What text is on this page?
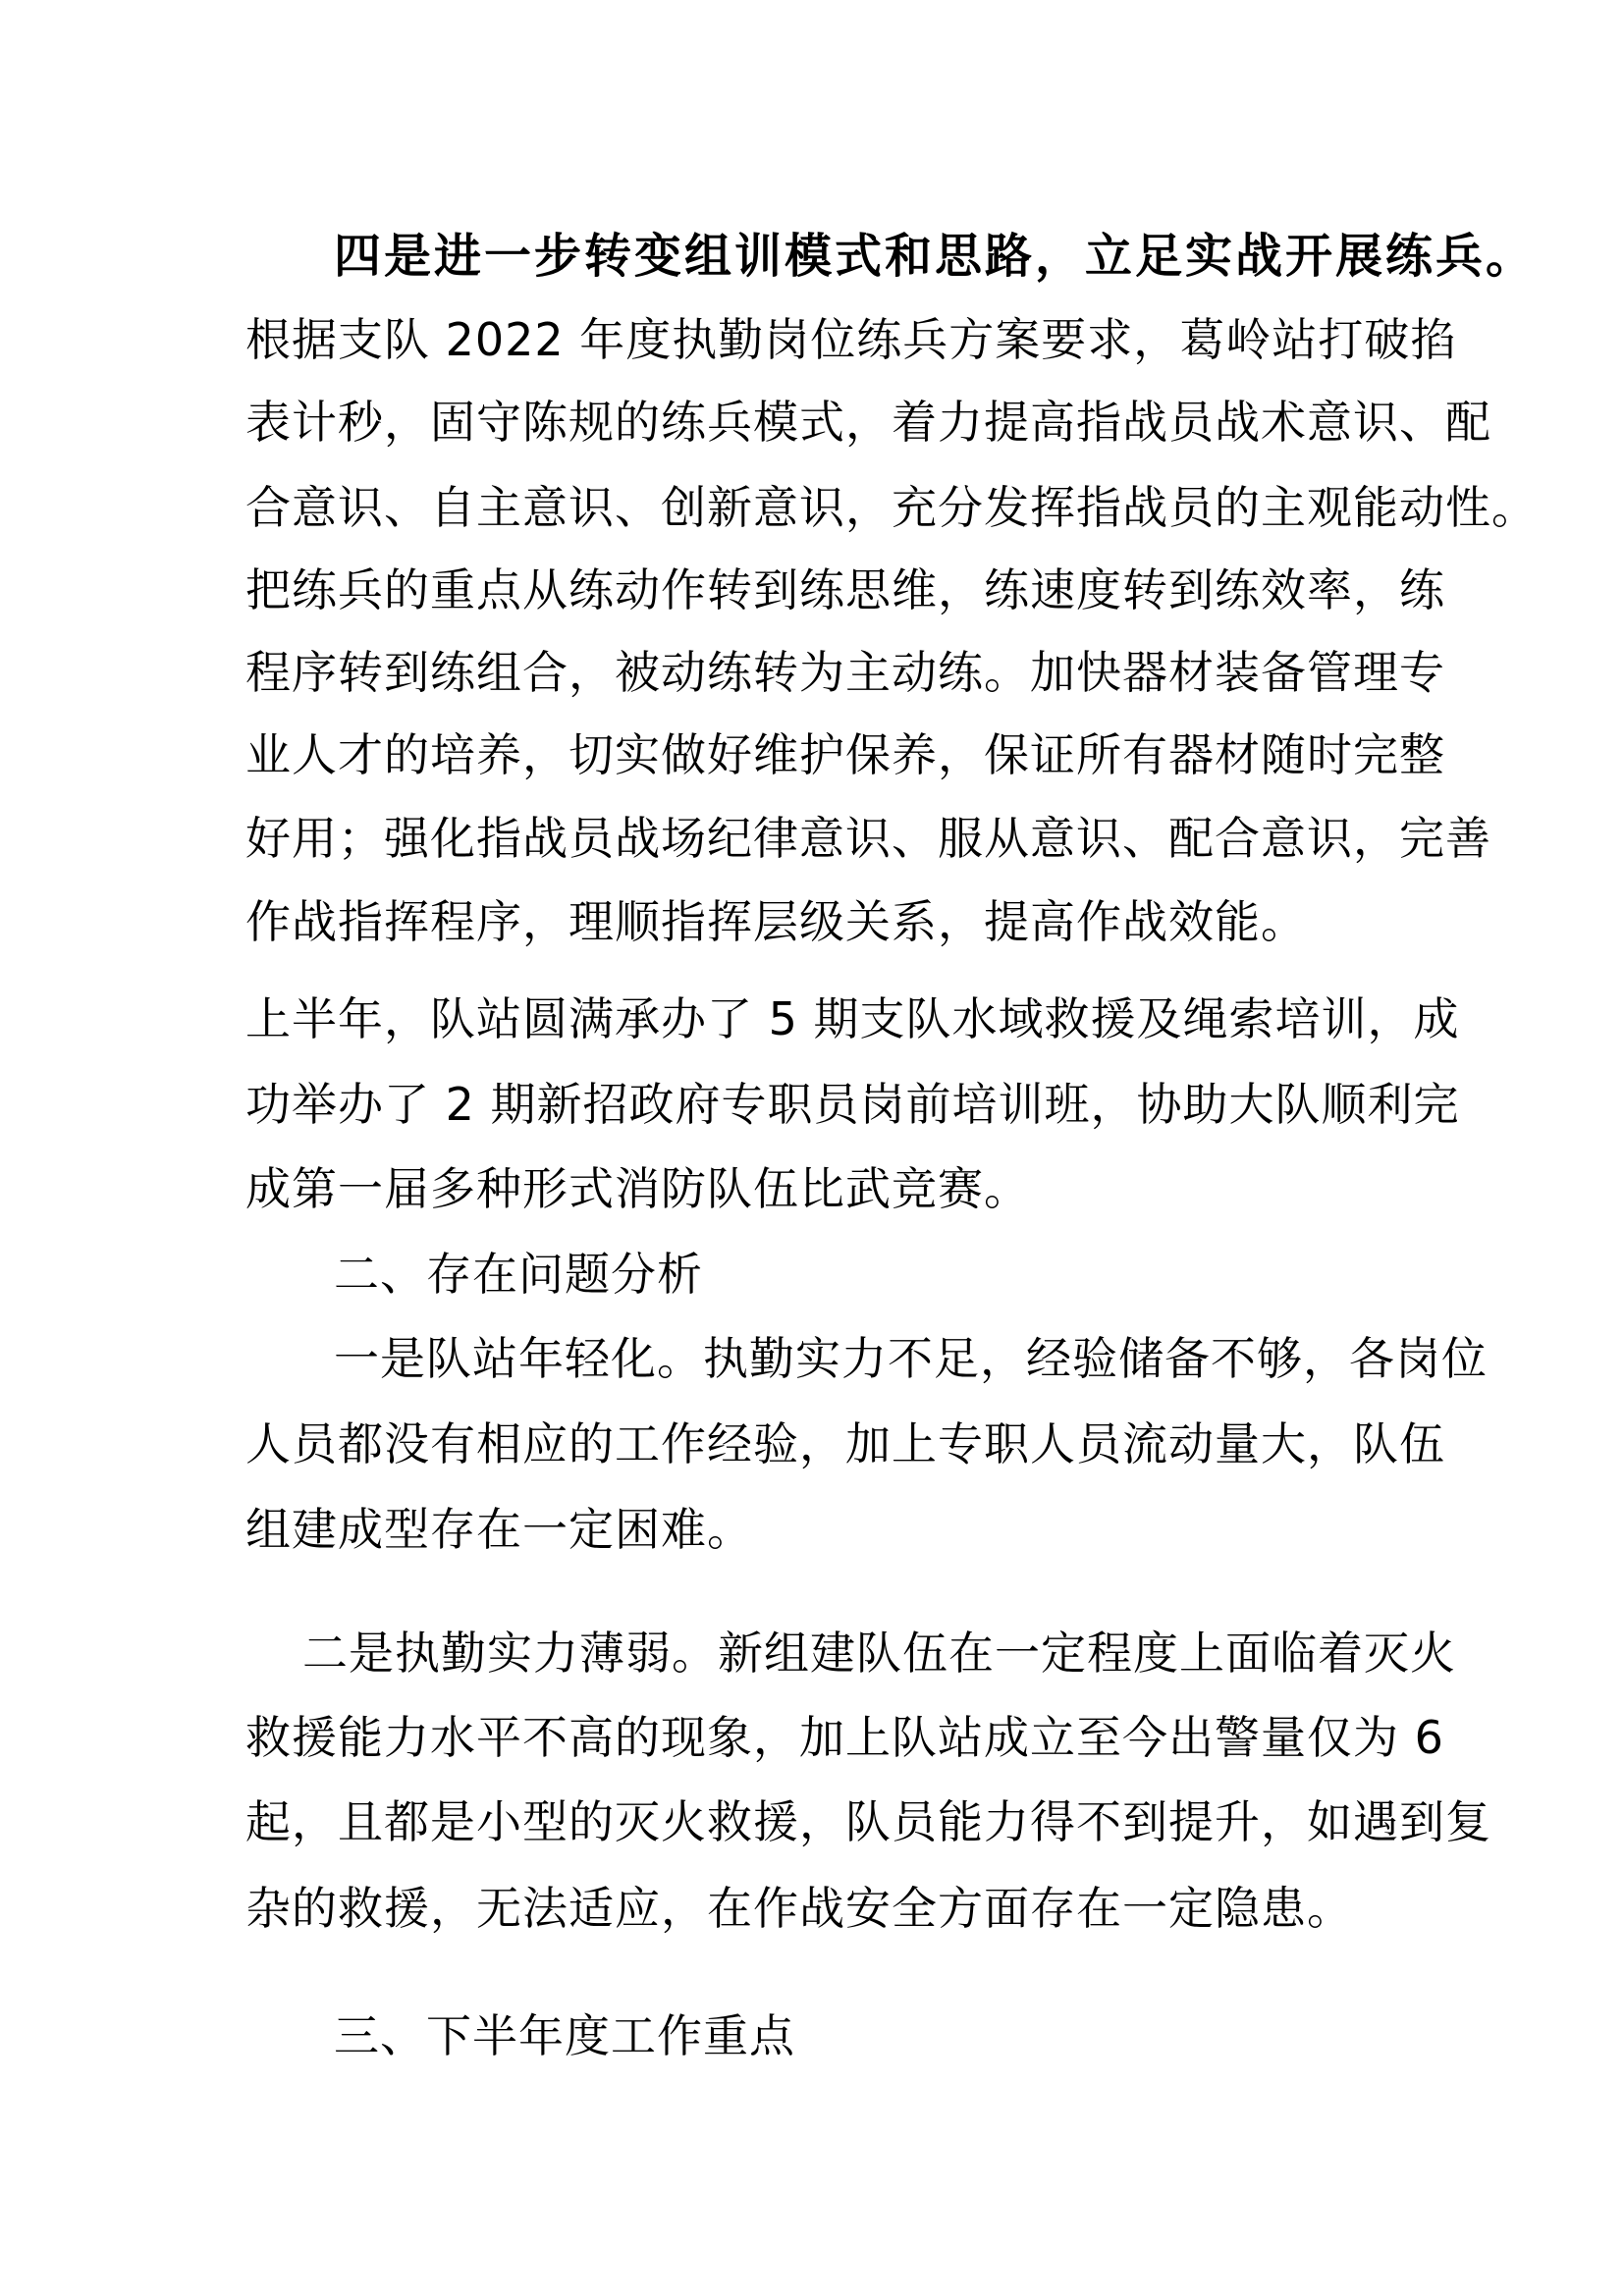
四是进一步转变组训模式和思路，立足实战开展练兵。
根据支队 2022 年度执勤岗位练兵方案要求，葛岭站打破掐
表计秒，固守陈规的练兵模式，着力提高指战员战术意识、配
合意识、自主意识、创新意识，充分发挥指战员的主观能动性。
把练兵的重点从练动作转到练思维，练速度转到练效率，练
程序转到练组合，被动练转为主动练。加快器材装备管理专
业人才的培养，切实做好维护保养，保证所有器材随时完整
好用；强化指战员战场纪律意识、服从意识、配合意识，完善
作战指挥程序，理顺指挥层级关系，提高作战效能。
上半年，队站圆满承办了 5 期支队水域救援及绳索培训，成
功举办了 2 期新招政府专职员岗前培训班，协助大队顺利完
成第一届多种形式消防队伍比武竞赛。
二、存在问题分析
一是队站年轻化。执勤实力不足，经验储备不够，各岗位
人员都没有相应的工作经验，加上专职人员流动量大，队伍
组建成型存在一定困难。
二是执勤实力薄弱。新组建队伍在一定程度上面临着灭火
救援能力水平不高的现象，加上队站成立至今出警量仅为 6
起，且都是小型的灭火救援，队员能力得不到提升，如遇到复
杂的救援，无法适应，在作战安全方面存在一定隐患。
三、下半年度工作重点
